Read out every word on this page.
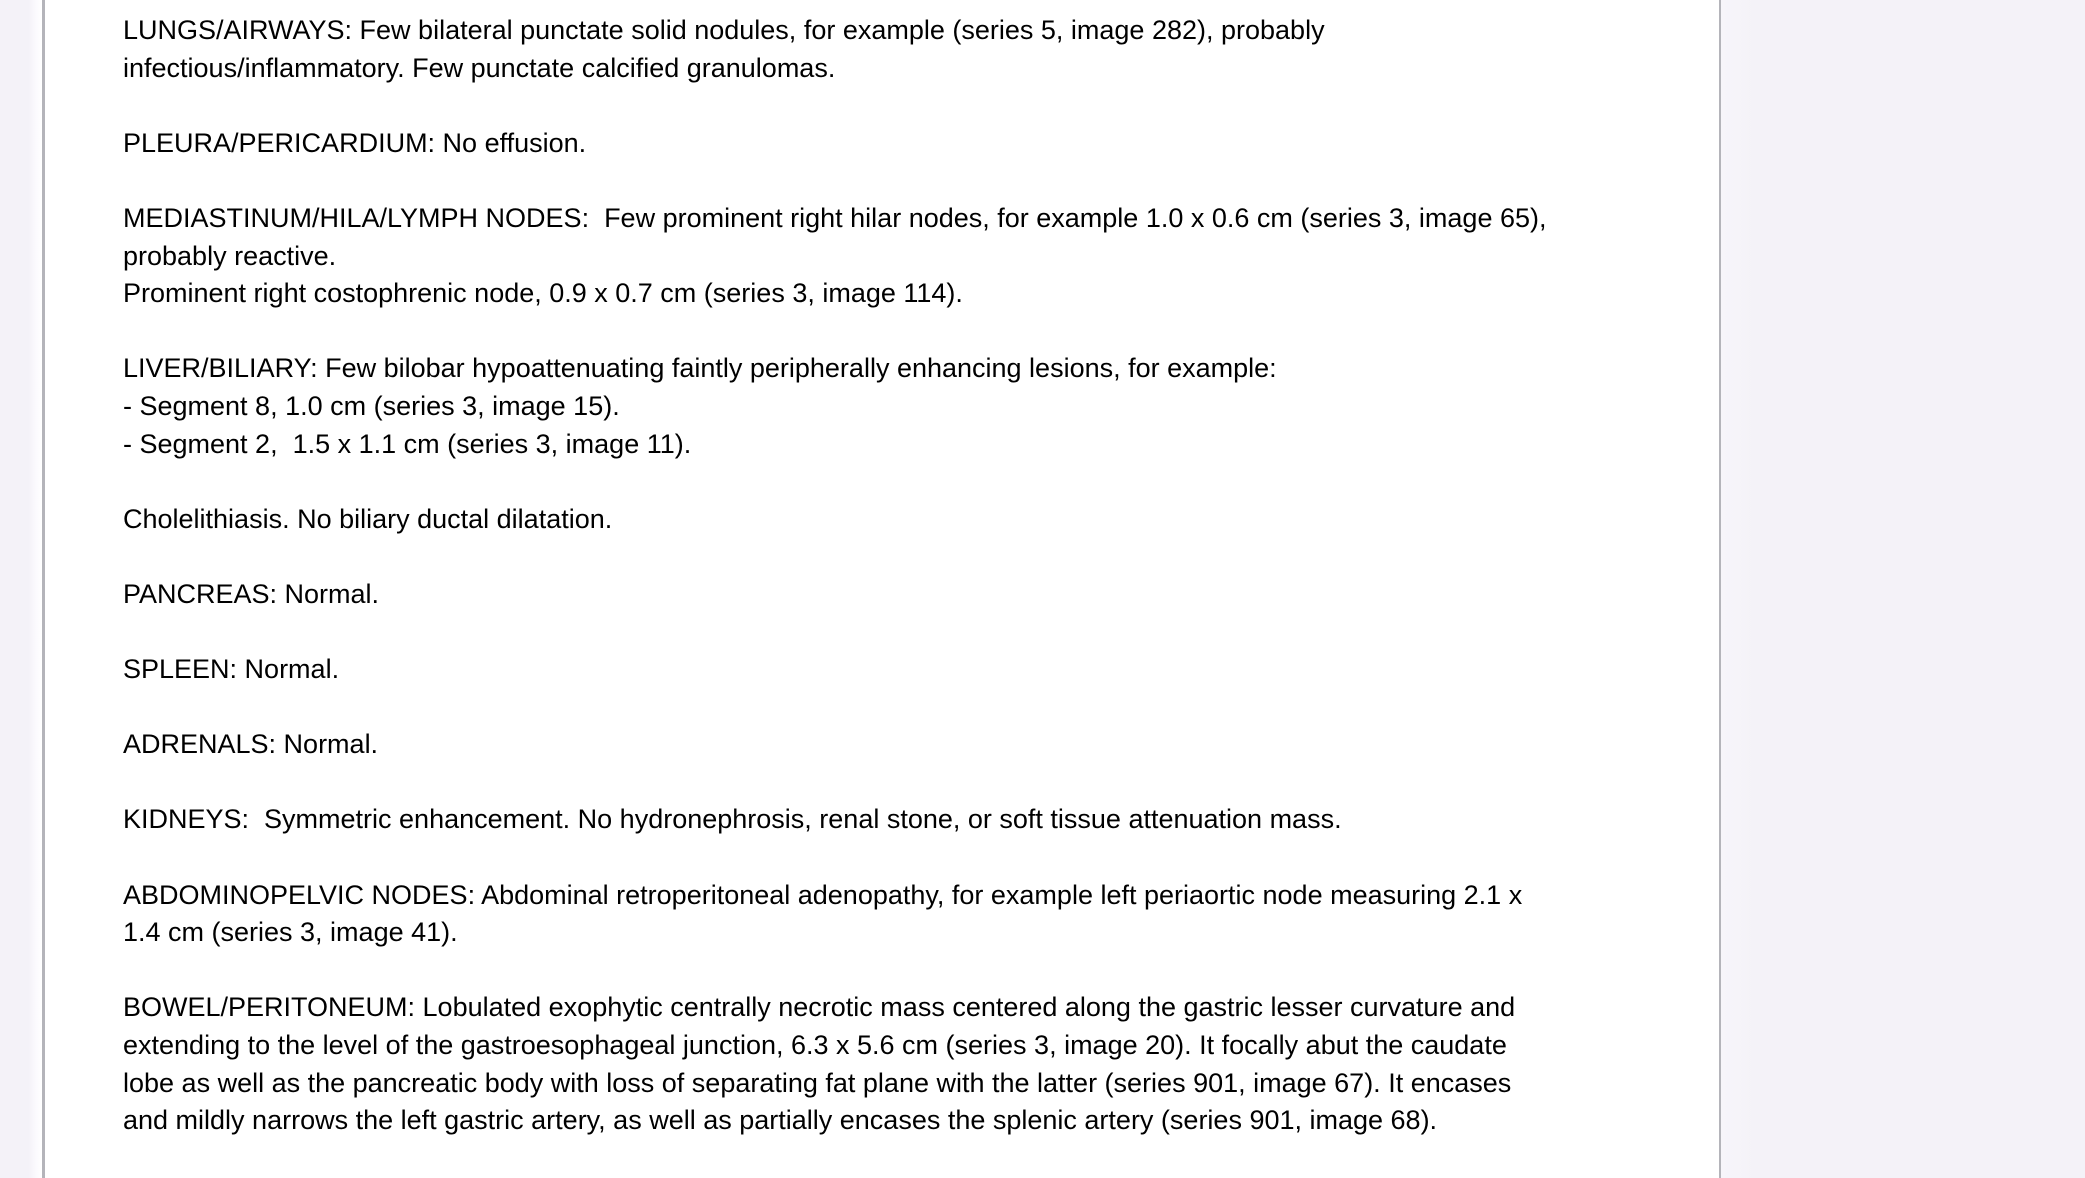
LUNGS/AIRWAYS: Few bilateral punctate solid nodules, for example (series 5, image 282), probably
infectious/inflammatory. Few punctate calcified granulomas.
PLEURA/PERICARDIUM: No effusion.
MEDIASTINUM/HILA/LYMPH NODES:  Few prominent right hilar nodes, for example 1.0 x 0.6 cm (series 3, image 65),
probably reactive.
Prominent right costophrenic node, 0.9 x 0.7 cm (series 3, image 114).
LIVER/BILIARY: Few bilobar hypoattenuating faintly peripherally enhancing lesions, for example:
- Segment 8, 1.0 cm (series 3, image 15).
- Segment 2,  1.5 x 1.1 cm (series 3, image 11).
Cholelithiasis. No biliary ductal dilatation.
PANCREAS: Normal.
SPLEEN: Normal.
ADRENALS: Normal.
KIDNEYS:  Symmetric enhancement. No hydronephrosis, renal stone, or soft tissue attenuation mass.
ABDOMINOPELVIC NODES: Abdominal retroperitoneal adenopathy, for example left periaortic node measuring 2.1 x
1.4 cm (series 3, image 41).
BOWEL/PERITONEUM: Lobulated exophytic centrally necrotic mass centered along the gastric lesser curvature and
extending to the level of the gastroesophageal junction, 6.3 x 5.6 cm (series 3, image 20). It focally abut the caudate
lobe as well as the pancreatic body with loss of separating fat plane with the latter (series 901, image 67). It encases
and mildly narrows the left gastric artery, as well as partially encases the splenic artery (series 901, image 68).
